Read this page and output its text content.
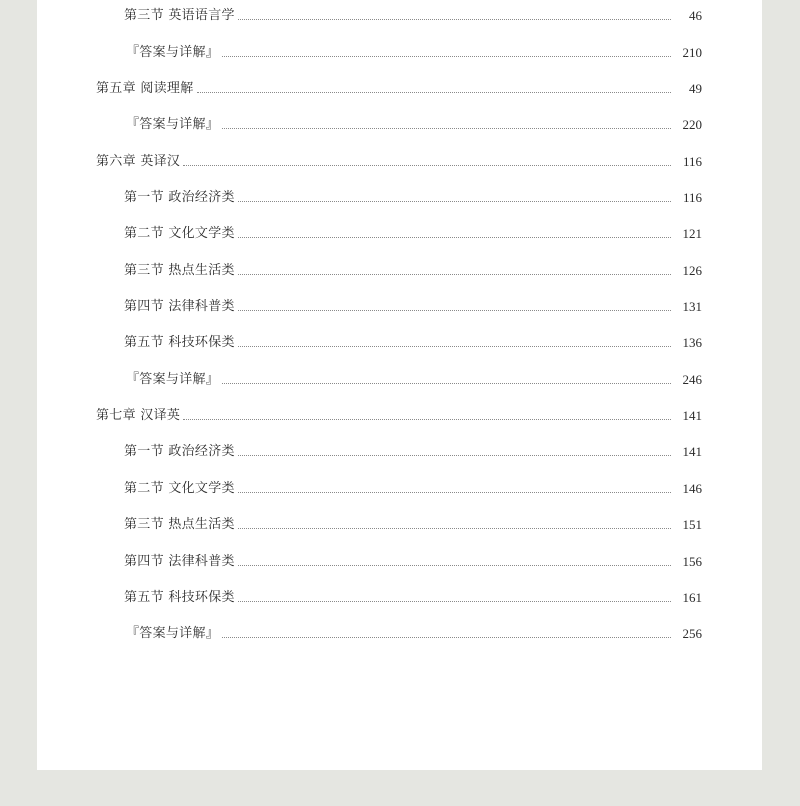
第三节 英语语言学	46
『答案与详解』	210
第五章 阅读理解	49
『答案与详解』	220
第六章 英译汉	116
第一节 政治经济类	116
第二节 文化文学类	121
第三节 热点生活类	126
第四节 法律科普类	131
第五节 科技环保类	136
『答案与详解』	246
第七章 汉译英	141
第一节 政治经济类	141
第二节 文化文学类	146
第三节 热点生活类	151
第四节 法律科普类	156
第五节 科技环保类	161
『答案与详解』	256
